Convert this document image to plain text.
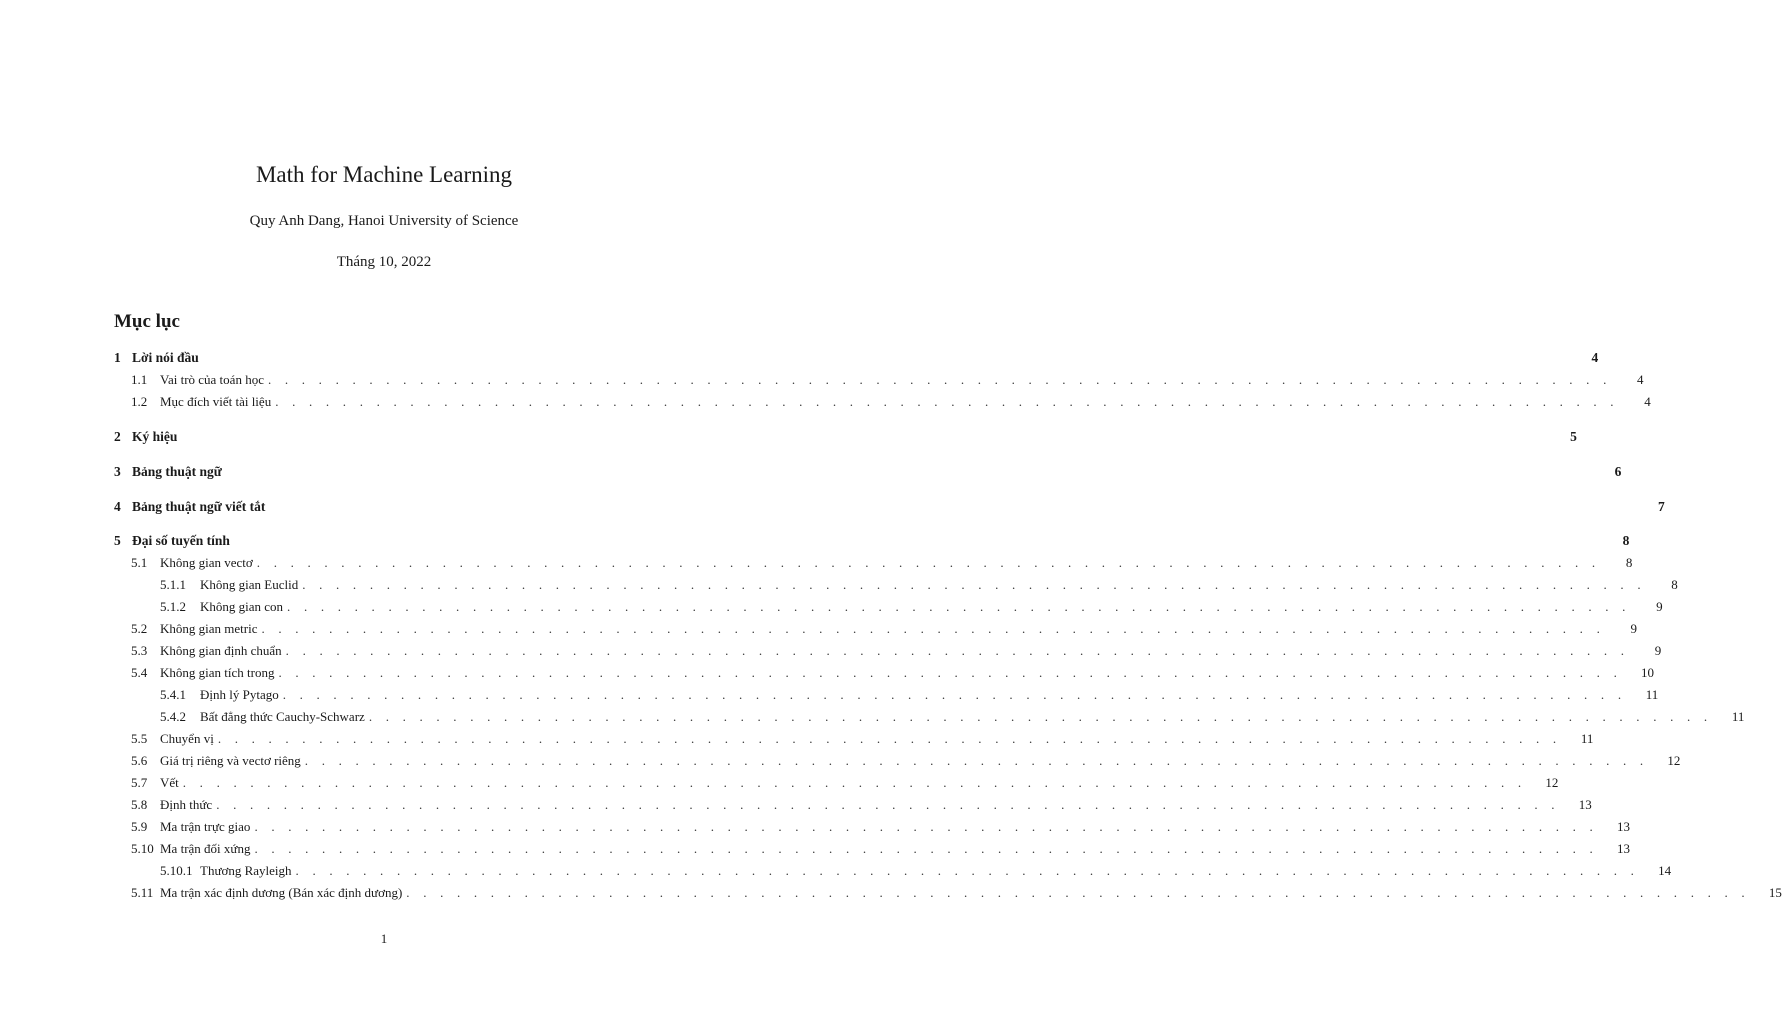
Math for Machine Learning
Quy Anh Dang, Hanoi University of Science
Tháng 10, 2022
Mục lục
1 Lời nói đầu	4
1.1 Vai trò của toán học . . . . . . . . . . . . . . . . . . . . . . . . . . . . . . . . . . . . . . . . . . . . . . . . . . . . . . . . . . . . . . . . . . . . . . . . . . . . . . . .	4
1.2 Mục đích viết tài liệu . . . . . . . . . . . . . . . . . . . . . . . . . . . . . . . . . . . . . . . . . . . . . . . . . . . . . . . . . . . . . . . . . . . . . . . . . . . . . . . .	4
2 Ký hiệu	5
3 Bảng thuật ngữ	6
4 Bảng thuật ngữ viết tắt	7
5 Đại số tuyến tính	8
5.1 Không gian vectơ . . . . . . . . . . . . . . . . . . . . . . . . . . . . . . . . . . . . . . . . . . . . . . . . . . . . . . . . . . . . . . . . . . . . . . . . . . . . . . . .	8
5.1.1	Không gian Euclid . . . . . . . . . . . . . . . . . . . . . . . . . . . . . . . . . . . . . . . . . . . . . . . . . . . . . . . . . . . . . . . . . . . . . . . . . . . . . . . .	8
5.1.2	Không gian con . . . . . . . . . . . . . . . . . . . . . . . . . . . . . . . . . . . . . . . . . . . . . . . . . . . . . . . . . . . . . . . . . . . . . . . . . . . . . . . .	9
5.2 Không gian metric . . . . . . . . . . . . . . . . . . . . . . . . . . . . . . . . . . . . . . . . . . . . . . . . . . . . . . . . . . . . . . . . . . . . . . . . . . . . . . . .	9
5.3 Không gian định chuẩn . . . . . . . . . . . . . . . . . . . . . . . . . . . . . . . . . . . . . . . . . . . . . . . . . . . . . . . . . . . . . . . . . . . . . . . . . . . . . . . .	9
5.4 Không gian tích trong . . . . . . . . . . . . . . . . . . . . . . . . . . . . . . . . . . . . . . . . . . . . . . . . . . . . . . . . . . . . . . . . . . . . . . . . . . . . . . . .	10
5.4.1	Định lý Pytago . . . . . . . . . . . . . . . . . . . . . . . . . . . . . . . . . . . . . . . . . . . . . . . . . . . . . . . . . . . . . . . . . . . . . . . . . . . . . . . .	11
5.4.2	Bất đẳng thức Cauchy-Schwarz . . . . . . . . . . . . . . . . . . . . . . . . . . . . . . . . . . . . . . . . . . . . . . . . . . . . . . . . . . . . . . . . . . . . . . . . . . . . . . . .	11
5.5 Chuyển vị . . . . . . . . . . . . . . . . . . . . . . . . . . . . . . . . . . . . . . . . . . . . . . . . . . . . . . . . . . . . . . . . . . . . . . . . . . . . . . . .	11
5.6 Giá trị riêng và vectơ riêng . . . . . . . . . . . . . . . . . . . . . . . . . . . . . . . . . . . . . . . . . . . . . . . . . . . . . . . . . . . . . . . . . . . . . . . . . . . . . . . .	12
5.7 Vết . . . . . . . . . . . . . . . . . . . . . . . . . . . . . . . . . . . . . . . . . . . . . . . . . . . . . . . . . . . . . . . . . . . . . . . . . . . . . . . .	12
5.8 Định thức . . . . . . . . . . . . . . . . . . . . . . . . . . . . . . . . . . . . . . . . . . . . . . . . . . . . . . . . . . . . . . . . . . . . . . . . . . . . . . . .	13
5.9 Ma trận trực giao . . . . . . . . . . . . . . . . . . . . . . . . . . . . . . . . . . . . . . . . . . . . . . . . . . . . . . . . . . . . . . . . . . . . . . . . . . . . . . . .	13
5.10 Ma trận đối xứng . . . . . . . . . . . . . . . . . . . . . . . . . . . . . . . . . . . . . . . . . . . . . . . . . . . . . . . . . . . . . . . . . . . . . . . . . . . . . . . .	13
5.10.1 Thương Rayleigh . . . . . . . . . . . . . . . . . . . . . . . . . . . . . . . . . . . . . . . . . . . . . . . . . . . . . . . . . . . . . . . . . . . . . . . . . . . . . . . .	14
5.11 Ma trận xác định dương (Bán xác định dương) . . . . . . . . . . . . . . . . . . . . . . . . . . . . . . . . . . . . . . . . . . . . . . . . . . . . . . . . . . . . . . . . . . . . . . . . . . . . . . . .	15
1
